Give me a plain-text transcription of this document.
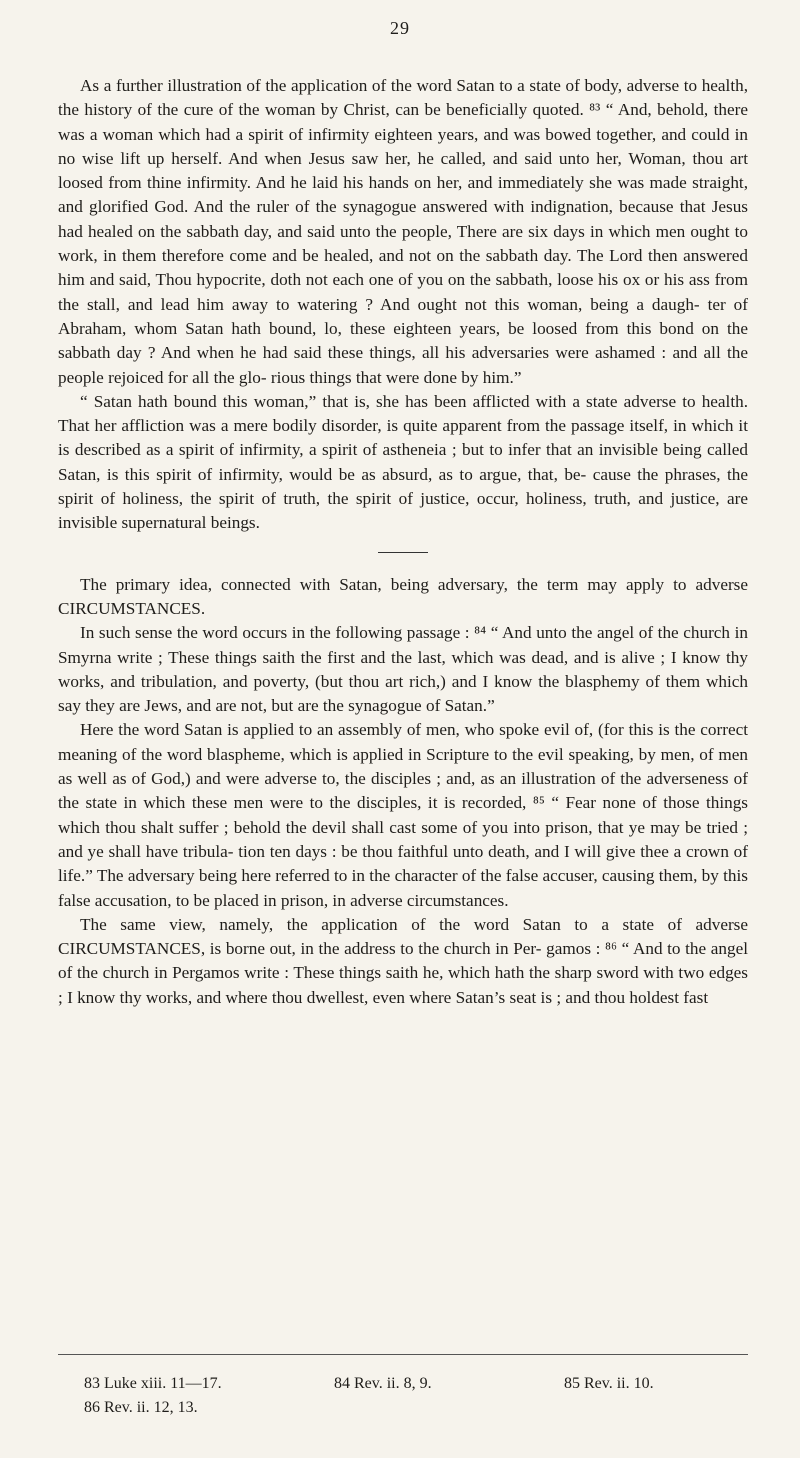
29

As a further illustration of the application of the word Satan to a state of body, adverse to health, the history of the cure of the woman by Christ, can be beneficially quoted. ⁸³ “ And, behold, there was a woman which had a spirit of infirmity eighteen years, and was bowed together, and could in no wise lift up herself. And when Jesus saw her, he called, and said unto her, Woman, thou art loosed from thine infirmity. And he laid his hands on her, and immediately she was made straight, and glorified God. And the ruler of the synagogue answered with indignation, because that Jesus had healed on the sabbath day, and said unto the people, There are six days in which men ought to work, in them therefore come and be healed, and not on the sabbath day. The Lord then answered him and said, Thou hypocrite, doth not each one of you on the sabbath, loose his ox or his ass from the stall, and lead him away to watering ? And ought not this woman, being a daugh- ter of Abraham, whom Satan hath bound, lo, these eighteen years, be loosed from this bond on the sabbath day ? And when he had said these things, all his adversaries were ashamed : and all the people rejoiced for all the glo- rious things that were done by him.”

“ Satan hath bound this woman,” that is, she has been afflicted with a state adverse to health. That her affliction was a mere bodily disorder, is quite apparent from the passage itself, in which it is described as a spirit of infirmity, a spirit of astheneia ; but to infer that an invisible being called Satan, is this spirit of infirmity, would be as absurd, as to argue, that, be- cause the phrases, the spirit of holiness, the spirit of truth, the spirit of justice, occur, holiness, truth, and justice, are invisible supernatural beings.

The primary idea, connected with Satan, being adversary, the term may apply to adverse CIRCUMSTANCES.

In such sense the word occurs in the following passage : ⁸⁴ “ And unto the angel of the church in Smyrna write ; These things saith the first and the last, which was dead, and is alive ; I know thy works, and tribulation, and poverty, (but thou art rich,) and I know the blasphemy of them which say they are Jews, and are not, but are the synagogue of Satan.”

Here the word Satan is applied to an assembly of men, who spoke evil of, (for this is the correct meaning of the word blaspheme, which is applied in Scripture to the evil speaking, by men, of men as well as of God,) and were adverse to, the disciples ; and, as an illustration of the adverseness of the state in which these men were to the disciples, it is recorded, ⁸⁵ “ Fear none of those things which thou shalt suffer ; behold the devil shall cast some of you into prison, that ye may be tried ; and ye shall have tribula- tion ten days : be thou faithful unto death, and I will give thee a crown of life.” The adversary being here referred to in the character of the false accuser, causing them, by this false accusation, to be placed in prison, in adverse circumstances.

The same view, namely, the application of the word Satan to a state of adverse CIRCUMSTANCES, is borne out, in the address to the church in Per- gamos : ⁸⁶ “ And to the angel of the church in Pergamos write : These things saith he, which hath the sharp sword with two edges ; I know thy works, and where thou dwellest, even where Satan’s seat is ; and thou holdest fast

83 Luke xiii. 11—17.	84 Rev. ii. 8, 9.	85 Rev. ii. 10.
86 Rev. ii. 12, 13.
